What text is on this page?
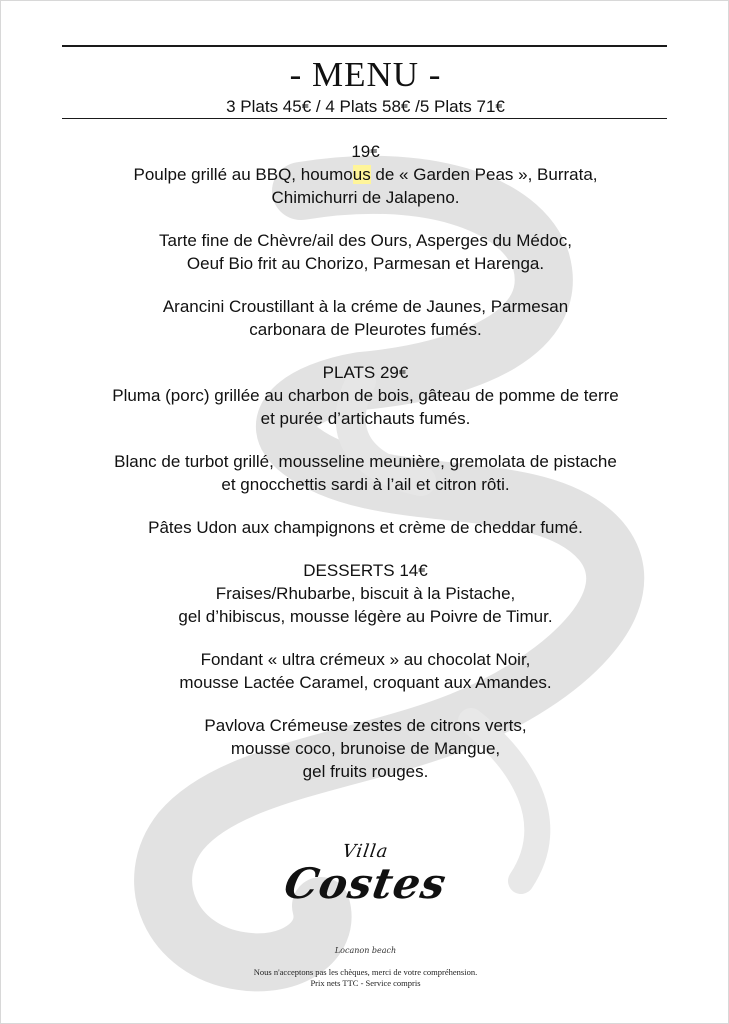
- MENU -
3 Plats 45€ / 4 Plats 58€ /5 Plats 71€
19€
Poulpe grillé au BBQ, houmous de « Garden Peas », Burrata,
Chimichurri de Jalapeno.
Tarte fine de Chèvre/ail des Ours, Asperges du Médoc,
Oeuf Bio frit au Chorizo, Parmesan et Harenga.
Arancini Croustillant à la créme de Jaunes, Parmesan
carbonara de Pleurotes fumés.
PLATS 29€
Pluma (porc) grillée au charbon de bois, gâteau de pomme de terre
et purée d’artichauts fumés.
Blanc de turbot grillé, mousseline meunière, gremolata de pistache
et gnocchettis sardi à l’ail et citron rôti.
Pâtes Udon aux champignons et crème de cheddar fumé.
DESSERTS 14€
Fraises/Rhubarbe, biscuit à la Pistache,
gel d’hibiscus, mousse légère au Poivre de Timur.
Fondant « ultra crémeux » au chocolat Noir,
mousse Lactée Caramel, croquant aux Amandes.
Pavlova Crémeuse zestes de citrons verts,
mousse coco, brunoise de Mangue,
gel fruits rouges.
Villa
Costes
Locanon beach
Nous n'acceptons pas les chèques, merci de votre compréhension.
Prix nets TTC - Service compris
